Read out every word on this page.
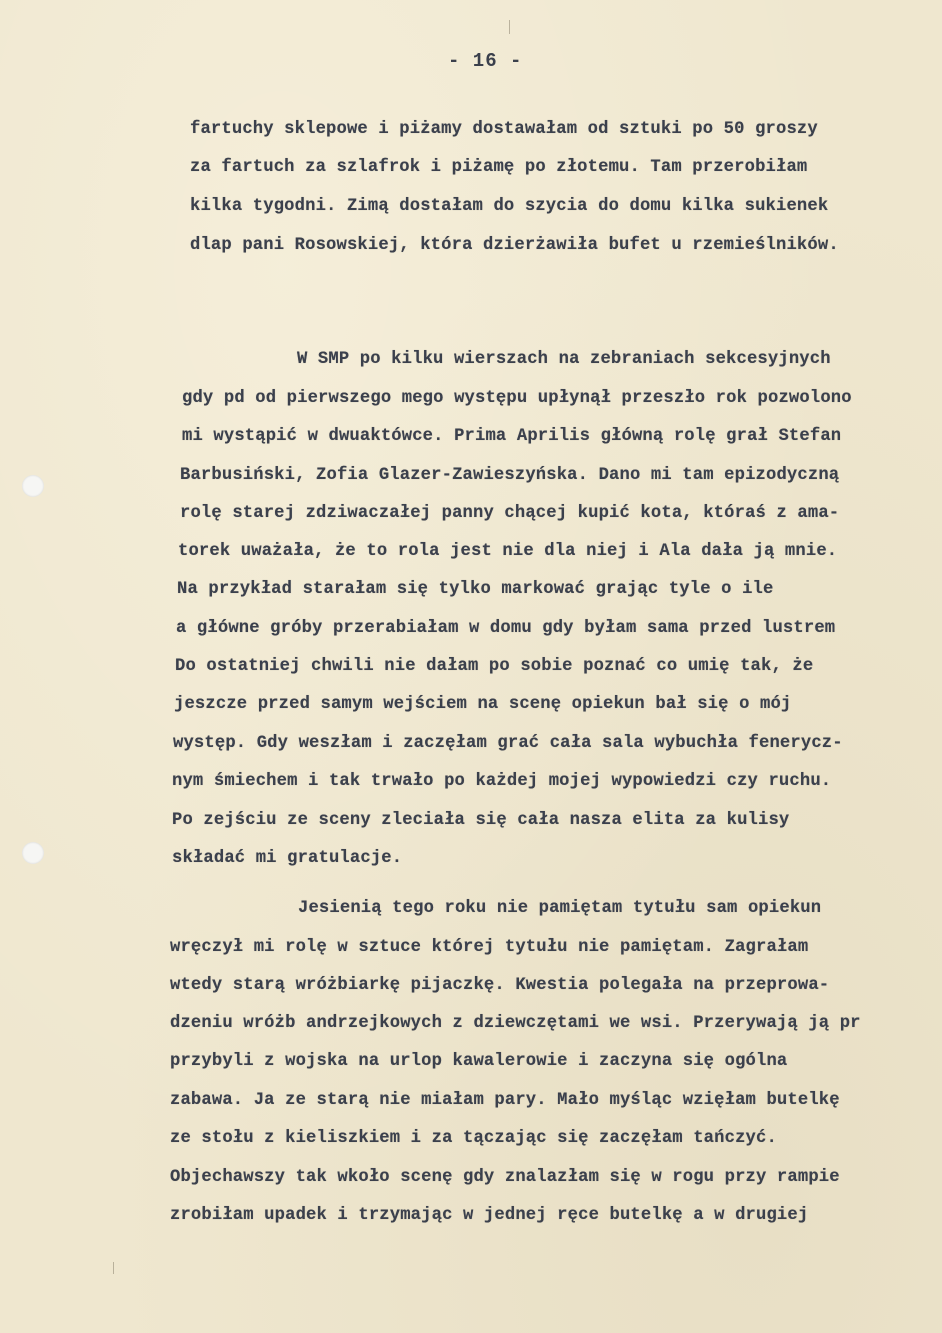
- 16 -
fartuchy sklepowe i piżamy dostawałam od sztuki po 50 groszy
za fartuch za szlafrok i piżamę po złotemu. Tam przerobiłam
kilka tygodni. Zimą dostałam do szycia do domu kilka sukienek
dlap pani Rosowskiej, która dzierżawiła bufet u rzemieślników.
W SMP po kilku wierszach na zebraniach sekcesyjnych
gdy pd od pierwszego mego występu upłynął przeszło rok pozwolono
mi wystąpić w dwuaktówce. Prima Aprilis główną rolę grał Stefan
Barbusiński, Zofia Glazer-Zawieszyńska. Dano mi tam epizodyczną
rolę starej zdziwaczałej panny chącej kupić kota, któraś z ama-
torek uważała, że to rola jest nie dla niej i Ala dała ją mnie.
Na przykład starałam się tylko markować grając tyle o ile
a główne gróby przerabiałam w domu gdy byłam sama przed lustrem
Do ostatniej chwili nie dałam po sobie poznać co umię tak, że
jeszcze przed samym wejściem na scenę opiekun bał się o mój
występ. Gdy weszłam i zaczęłam grać cała sala wybuchła fenerycz-
nym śmiechem i tak trwało po każdej mojej wypowiedzi czy ruchu.
Po zejściu ze sceny zleciała się cała nasza elita za kulisy
składać mi gratulacje.
Jesienią tego roku nie pamiętam tytułu sam opiekun
wręczył mi rolę w sztuce której tytułu nie pamiętam. Zagrałam
wtedy starą wróżbiarkę pijaczkę. Kwestia polegała na przeprowa-
dzeniu wróżb andrzejkowych z dziewczętami we wsi. Przerywają ją pr
przybyli z wojska na urlop kawalerowie i zaczyna się ogólna
zabawa. Ja ze starą nie miałam pary. Mało myśląc wzięłam butelkę
ze stołu z kieliszkiem i za tączając się zaczęłam tańczyć.
Objechawszy tak wkoło scenę gdy znalazłam się w rogu przy rampie
zrobiłam upadek i trzymając w jednej ręce butelkę a w drugiej
